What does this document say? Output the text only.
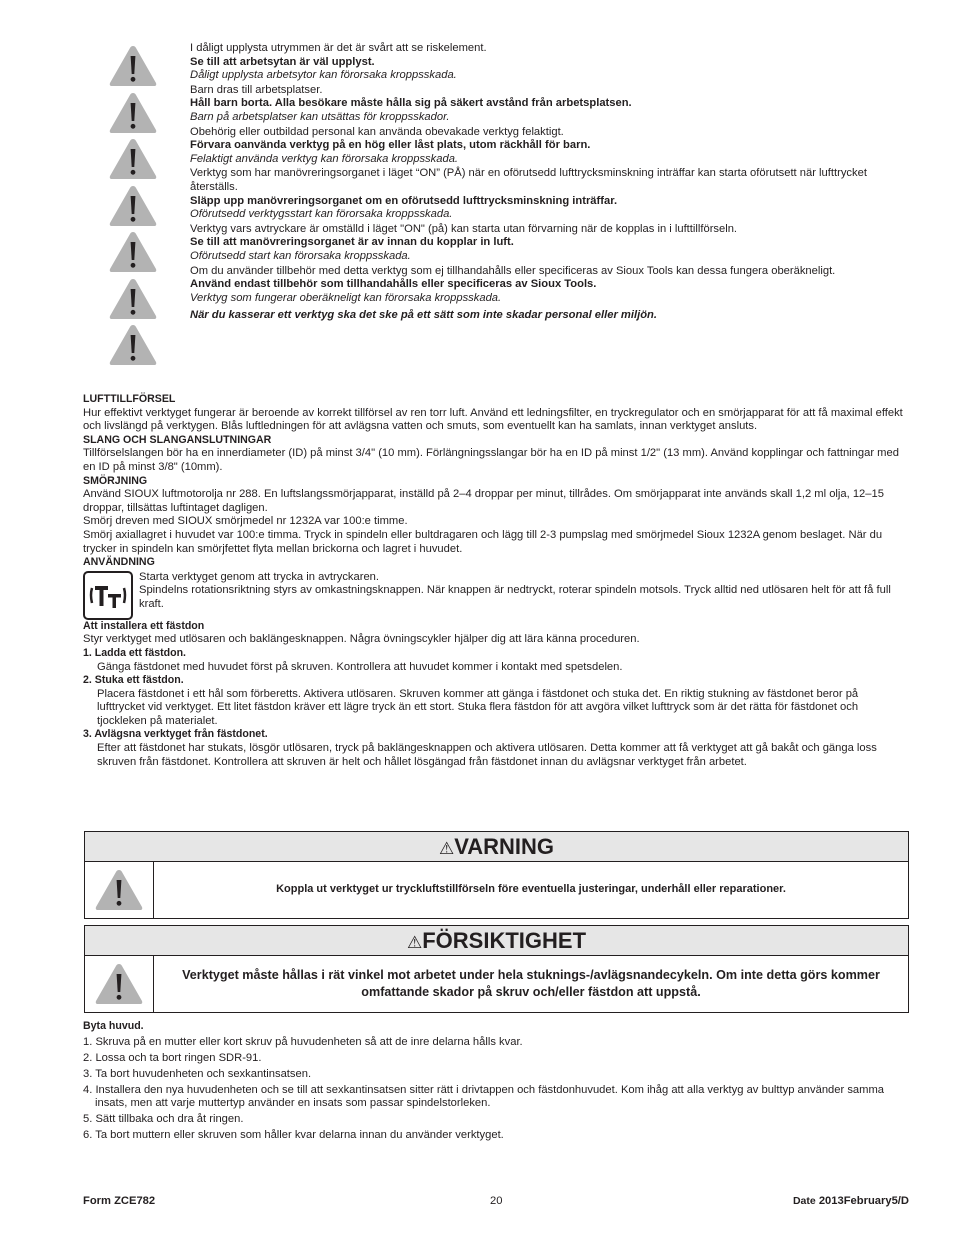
I dåligt upplysta utrymmen är det är svårt att se riskelement.

Se till att arbetsytan är väl upplyst.

Dåligt upplysta arbetsytor kan förorsaka kroppsskada.

Barn dras till arbetsplatser.

Håll barn borta. Alla besökare måste hålla sig på säkert avstånd från arbetsplatsen.

Barn på arbetsplatser kan utsättas för kroppsskador.

Obehörig eller outbildad personal kan använda obevakade verktyg felaktigt.

Förvara oanvända verktyg på en hög eller låst plats, utom räckhåll för barn.

Felaktigt använda verktyg kan förorsaka kroppsskada.

Verktyg som har manövreringsorganet i läget “ON” (PÅ) när en oförutsedd lufttrycksminskning inträffar kan starta oförutsett när lufttrycket återställs.

Släpp upp manövreringsorganet om en oförutsedd lufttrycksminskning inträffar.

Oförutsedd verktygsstart kan förorsaka kroppsskada.

Verktyg vars avtryckare är omställd i läget "ON" (på) kan starta utan förvarning när de kopplas in i lufttillförseln.

Se till att manövreringsorganet är av innan du kopplar in luft.

Oförutsedd start kan förorsaka kroppsskada.

Om du använder tillbehör med detta verktyg som ej tillhandahålls eller specificeras av Sioux Tools kan dessa fungera oberäkneligt.

Använd endast tillbehör som tillhandahålls eller specificeras av Sioux Tools.

Verktyg som fungerar oberäkneligt kan förorsaka kroppsskada.

När du kasserar ett verktyg ska det ske på ett sätt som inte skadar personal eller miljön.

LUFTTILLFÖRSEL

Hur effektivt verktyget fungerar är beroende av korrekt tillförsel av ren torr luft. Använd ett ledningsfilter, en tryckregulator och en smörjapparat för att få maximal effekt och livslängd på verktygen. Blås luftledningen för att avlägsna vatten och smuts, som eventuellt kan ha samlats, innan verktyget ansluts.

SLANG OCH SLANGANSLUTNINGAR

Tillförselslangen bör ha en innerdiameter (ID) på minst 3/4" (10 mm). Förlängningsslangar bör ha en ID på minst 1/2" (13 mm). Använd kopplingar och fattningar med en ID på minst 3/8" (10mm).

SMÖRJNING

Använd SIOUX luftmotorolja nr 288. En luftslangssmörjapparat, inställd på 2–4 droppar per minut, tillrådes. Om smörjapparat inte används skall 1,2 ml olja, 12–15 droppar, tillsättas luftintaget dagligen.

Smörj dreven med SIOUX smörjmedel nr 1232A var 100:e timme.

Smörj axiallagret i huvudet var 100:e timma. Tryck in spindeln eller bultdragaren och lägg till 2-3 pumpslag med smörjmedel Sioux 1232A genom beslaget. När du trycker in spindeln kan smörjfettet flyta mellan brickorna och lagret i huvudet.

ANVÄNDNING

Starta verktyget genom att trycka in avtryckaren.

Spindelns rotationsriktning styrs av omkastningsknappen. När knappen är nedtryckt, roterar spindeln motsols. Tryck alltid ned utlösaren helt för att få full kraft.

Att installera ett fästdon

Styr verktyget med utlösaren och baklängesknappen. Några övningscykler hjälper dig att lära känna proceduren.

1. Ladda ett fästdon.

Gänga fästdonet med huvudet först på skruven. Kontrollera att huvudet kommer i kontakt med spetsdelen.

2. Stuka ett fästdon.

Placera fästdonet i ett hål som förberetts. Aktivera utlösaren. Skruven kommer att gänga i fästdonet och stuka det. En riktig stukning av fästdonet beror på lufttrycket vid verktyget. Ett litet fästdon kräver ett lägre tryck än ett stort. Stuka flera fästdon för att avgöra vilket lufttryck som är det rätta för fästdonet och tjockleken på materialet.

3. Avlägsna verktyget från fästdonet.

Efter att fästdonet har stukats, lösgör utlösaren, tryck på baklängesknappen och aktivera utlösaren. Detta kommer att få verktyget att gå bakåt och gänga loss skruven från fästdonet. Kontrollera att skruven är helt och hållet lösgängad från fästdonet innan du avlägsnar verktyget från arbetet.

⚠VARNING
Koppla ut verktyget ur tryckluftstillförseln före eventuella justeringar, underhåll eller reparationer.
⚠FÖRSIKTIGHET
Verktyget måste hållas i rät vinkel mot arbetet under hela stuknings-/avlägsnandecykeln. Om inte detta görs kommer omfattande skador på skruv och/eller fästdon att uppstå.

Byta huvud.

1. Skruva på en mutter eller kort skruv på huvudenheten så att de inre delarna hålls kvar.

2. Lossa och ta bort ringen SDR-91.

3. Ta bort huvudenheten och sexkantinsatsen.

4. Installera den nya huvudenheten och se till att sexkantinsatsen sitter rätt i drivtappen och fästdonhuvudet. Kom ihåg att alla verktyg av bulttyp använder samma insats, men att varje muttertyp använder en insats som passar spindelstorleken.

5. Sätt tillbaka och dra åt ringen.

6. Ta bort muttern eller skruven som håller kvar delarna innan du använder verktyget.

Form ZCE782	20	Date 2013February5/D
